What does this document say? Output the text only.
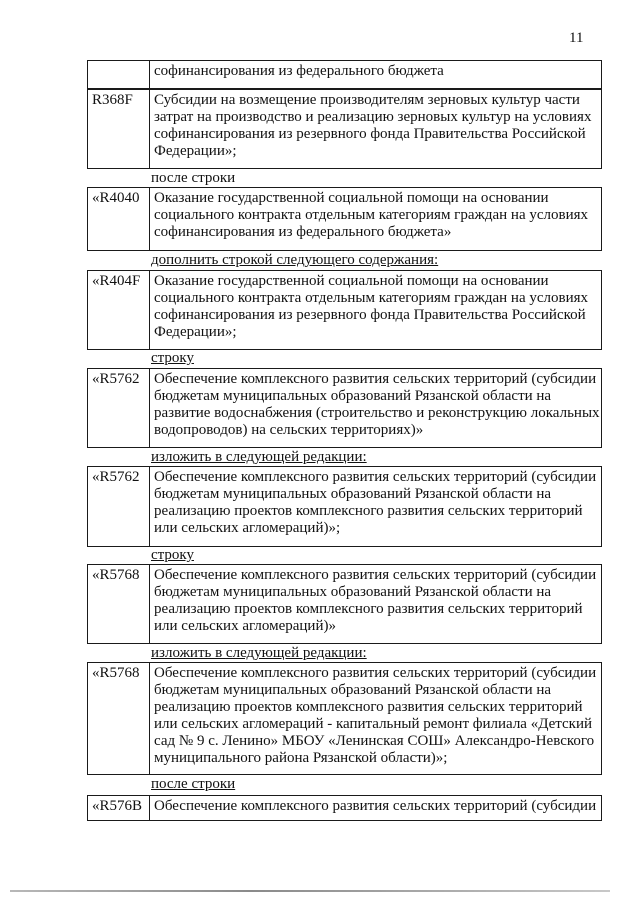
11
софинансирования из федерального бюджета
R368F	Субсидии на возмещение производителям зерновых культур части
затрат на производство и реализацию зерновых культур на условиях
софинансирования из резервного фонда Правительства Российской
Федерации»;
после строки
«R4040 Оказание государственной социальной помощи на основании
социального контракта отдельным категориям граждан на условиях
софинансирования из федерального бюджета»
дополнить строкой следующего содержания:
«R404F Оказание государственной социальной помощи на основании
социального контракта отдельным категориям граждан на условиях
софинансирования из резервного фонда Правительства Российской
Федерации»;
строку
«R5762 Обеспечение комплексного развития сельских территорий (субсидии
бюджетам муниципальных образований Рязанской области на
развитие водоснабжения (строительство и реконструкцию локальных
водопроводов) на сельских территориях)»
изложить в следующей редакции:
«R5762 Обеспечение комплексного развития сельских территорий (субсидии
бюджетам муниципальных образований Рязанской области на
реализацию проектов комплексного развития сельских территорий
или сельских агломераций)»;
строку
«R5768 Обеспечение комплексного развития сельских территорий (субсидии
бюджетам муниципальных образований Рязанской области на
реализацию проектов комплексного развития сельских территорий
или сельских агломераций)»
изложить в следующей редакции:
«R5768 Обеспечение комплексного развития сельских территорий (субсидии
бюджетам муниципальных образований Рязанской области на
реализацию проектов комплексного развития сельских территорий
или сельских агломераций - капитальный ремонт филиала «Детский
сад № 9 с. Ленино» МБОУ «Ленинская СОШ» Александро-Невского
муниципального района Рязанской области)»;
после строки
«R576B Обеспечение комплексного развития сельских территорий (субсидии
